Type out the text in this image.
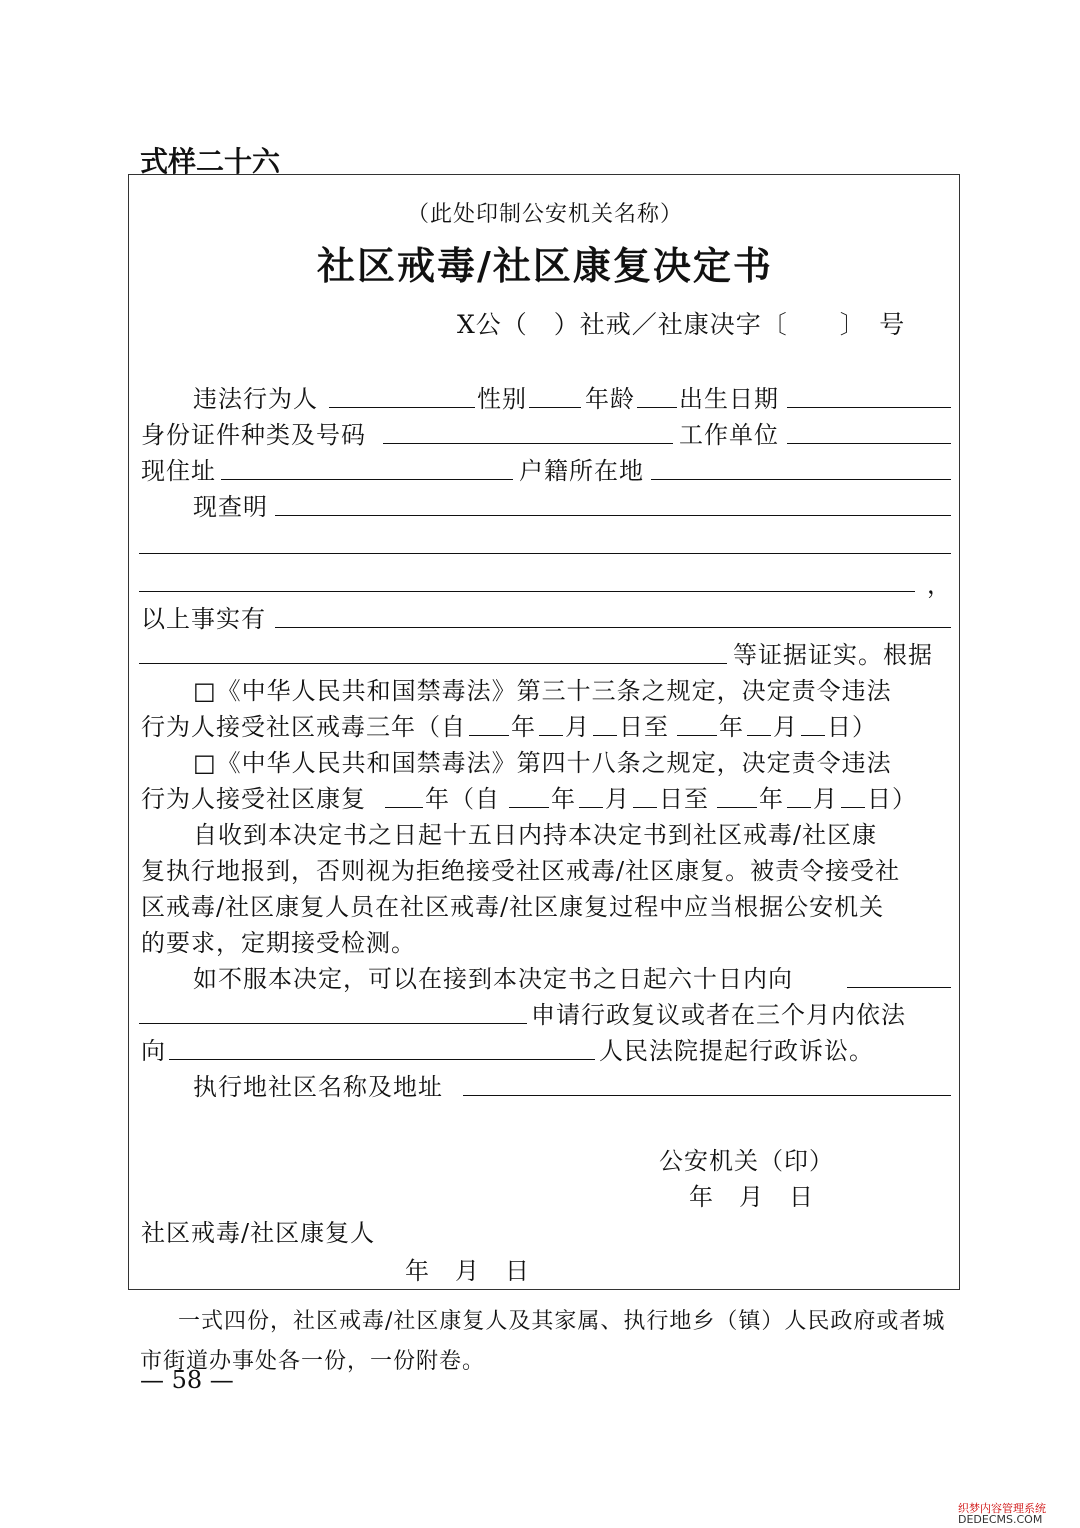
式样二十六
（此处印制公安机关名称）
社区戒毒/社区康复决定书
X公（　）社戒／社康决字〔　　〕　号
违法行为人	性别 年龄 出生日期
身份证件种类及号码	工作单位
现住址	户籍所在地
现查明
，
以上事实有
等证据证实。根据
□《中华人民共和国禁毒法》第三十三条之规定，决定责令违法
行为人接受社区戒毒三年（自 年 月 日至 年 月 日）
□《中华人民共和国禁毒法》第四十八条之规定，决定责令违法
行为人接受社区康复 年（自 年 月 日至 年 月 日）
自收到本决定书之日起十五日内持本决定书到社区戒毒/社区康
复执行地报到，否则视为拒绝接受社区戒毒/社区康复。被责令接受社
区戒毒/社区康复人员在社区戒毒/社区康复过程中应当根据公安机关
的要求，定期接受检测。
如不服本决定，可以在接到本决定书之日起六十日内向
申请行政复议或者在三个月内依法
向	人民法院提起行政诉讼。
执行地社区名称及地址
公安机关（印）
年　月　日
社区戒毒/社区康复人
年　月　日
一式四份，社区戒毒/社区康复人及其家属、执行地乡（镇）人民政府或者城
市街道办事处各一份，一份附卷。
— 58 —
织梦内容管理系统
DEDECMS.COM
